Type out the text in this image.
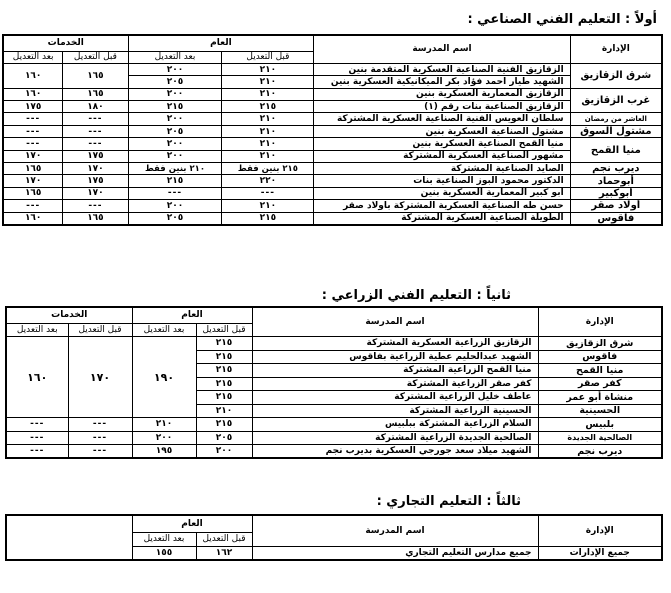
أولاً : التعليم الفني الصناعي :
الإدارة	اسم المدرسة	العام		الخدمات	
		قبل التعديل	بعد التعديل	قبل التعديل	بعد التعديل
شرق الزقازيق	الزقازيق الفنية الصناعية العسكرية المتقدمة بنين	٢١٠	٢٠٠	١٦٥	١٦٠
	الشهيد طيار احمد فؤاد بكر الميكانيكية العسكرية بنين	٢١٠	٢٠٥		
غرب الزقازيق	الزقازيق المعمارية العسكرية بنين	٢١٠	٢٠٠	١٦٥	١٦٠
	الزقازيق الصناعية بنات رقم (١)	٢١٥	٢١٥	١٨٠	١٧٥
العاشر من رمضان	سلطان العويس الفنية الصناعية العسكرية المشتركة	٢١٠	٢٠٠	---	---
مشتول السوق	مشتول الصناعية العسكرية بنين	٢١٠	٢٠٥	---	---
منيا القمح	منيا القمح الصناعية العسكرية بنين	٢١٠	٢٠٠	---	---
	مشهور الصناعية العسكرية المشتركة	٢١٠	٢٠٠	١٧٥	١٧٠
ديرب نجم	الصايد الصناعية المشتركة	٢١٥ بنين فقط	٢١٠ بنين فقط	١٧٠	١٦٥
أبوحماد	الدكتور محمود البوز الصناعية بنات	٢٢٠	٢١٥	١٧٥	١٧٠
أبوكبير	ابو كبير المعمارية العسكرية بنين	---	---	١٧٠	١٦٥
أولاد صقر	حسن طه الصناعية العسكرية المشتركة باولاد صقر	٢١٠	٢٠٠	---	---
فاقوس	الطويلة الصناعية العسكرية المشتركة	٢١٥	٢٠٥	١٦٥	١٦٠
ثانياً : التعليم الفني الزراعي :
الإدارة	اسم المدرسة	العام		الخدمات	
		قبل التعديل	بعد التعديل	قبل التعديل	بعد التعديل
شرق الزقازيق	الزقازيق الزراعية العسكرية المشتركة	٢١٥	١٩٠	١٧٠	١٦٠
فاقوس	الشهيد عبدالحليم عطية الزراعية بفاقوس	٢١٥			
منيا القمح	منيا القمح الزراعية المشتركة	٢١٥			
كفر صقر	كفر صقر الزراعية المشتركة	٢١٥			
منشاة أبو عمر	عاطف خليل الزراعية المشتركة	٢١٥			
الحسينية	الحسينية الزراعية المشتركة	٢١٠			
بلبيس	السلام الزراعية المشتركة ببلبيس	٢١٥	٢١٠	---	---
الصالحية الجديدة	الصالحية الجديدة الزراعية المشتركة	٢٠٥	٢٠٠	---	---
ديرب نجم	الشهيد ميلاد سعد جورجي العسكرية بديرب نجم	٢٠٠	١٩٥	---	---
ثالثاً : التعليم التجاري :
الإدارة	اسم المدرسة	العام		
		قبل التعديل	بعد التعديل	
جميع الإدارات	جميع مدارس التعليم التجاري	١٦٢	١٥٥	
